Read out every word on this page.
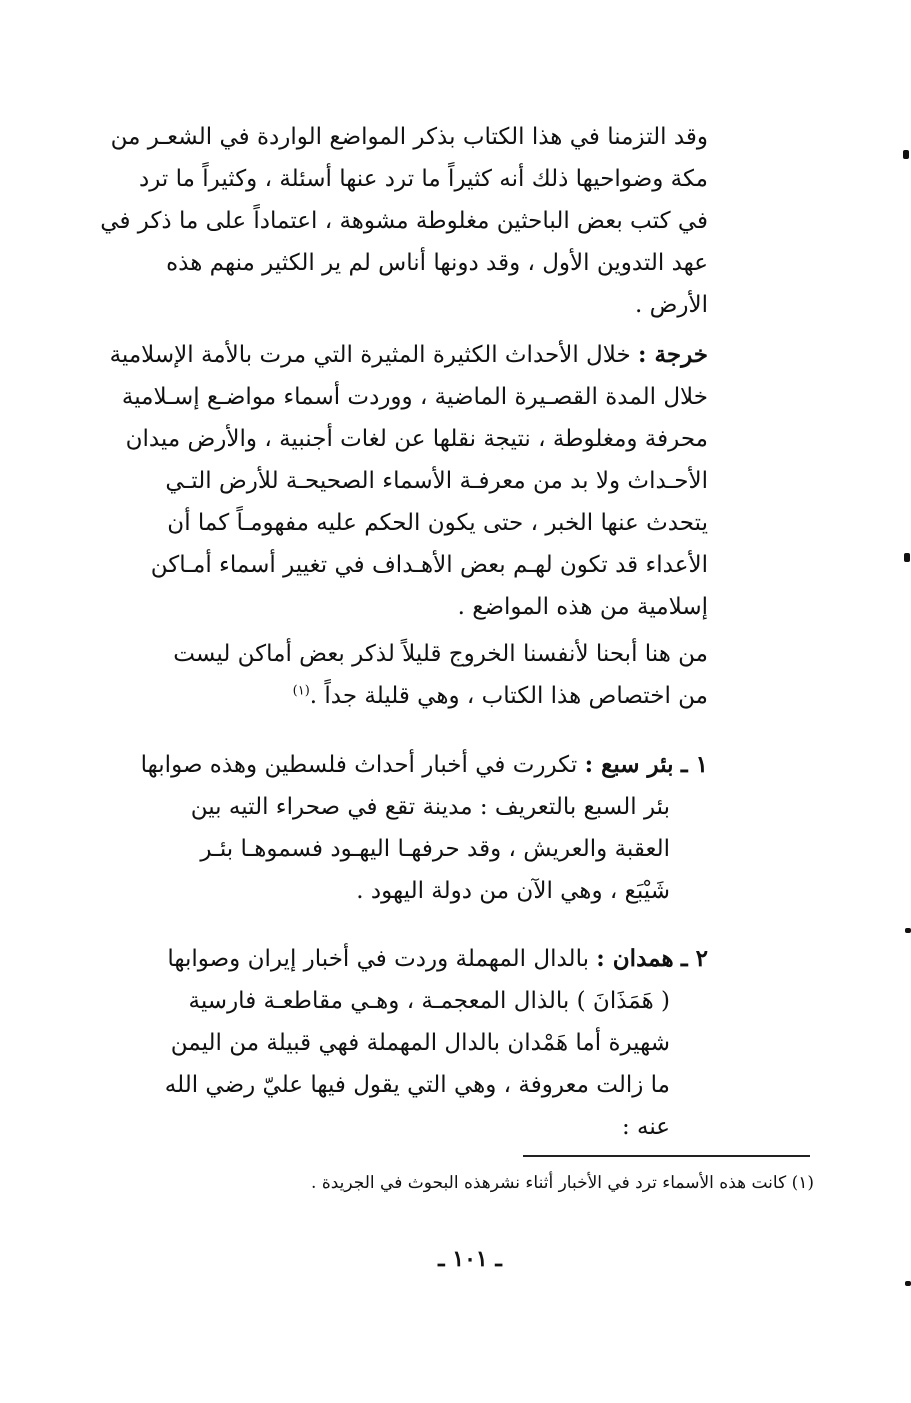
وقد التزمنا في هذا الكتاب بذكر المواضع الواردة في الشعـر من
مكة وضواحيها ذلك أنه كثيراً ما ترد عنها أسئلة ، وكثيراً ما ترد
في كتب بعض الباحثين مغلوطة مشوهة ، اعتماداً على ما ذكر في
عهد التدوين الأول ، وقد دونها أناس لم ير الكثير منهم هذه
الأرض .
خرجة : خلال الأحداث الكثيرة المثيرة التي مرت بالأمة الإسلامية
خلال المدة القصـيرة الماضية ، ووردت أسماء مواضـع إسـلامية
محرفة ومغلوطة ، نتيجة نقلها عن لغات أجنبية ، والأرض ميدان
الأحـداث ولا بد من معرفـة الأسماء الصحيحـة للأرض التـي
يتحدث عنها الخبر ، حتى يكون الحكم عليه مفهومـاً كما أن
الأعداء قد تكون لهـم بعض الأهـداف في تغيير أسماء أمـاكن
إسلامية من هذه المواضع .
من هنا أبحنا لأنفسنا الخروج قليلاً لذكر بعض أماكن ليست
من اختصاص هذا الكتاب ، وهي قليلة جداً .$^{(١)}$
١ ـ بئر سبع : تكررت في أخبار أحداث فلسطين وهذه صوابها
بئر السبع بالتعريف : مدينة تقع في صحراء التيه بين
العقبة والعريش ، وقد حرفهـا اليهـود فسموهـا بئـر
شَيْبَع ، وهي الآن من دولة اليهود .
٢ ـ همدان : بالدال المهملة وردت في أخبار إيران وصوابها
( هَمَذَانَ ) بالذال المعجمـة ، وهـي مقاطعـة فارسية
شهيرة أما هَمْدان بالدال المهملة فهي قبيلة من اليمن
ما زالت معروفة ، وهي التي يقول فيها عليّ رضي الله
عنه :
(١) كانت هذه الأسماء ترد في الأخبار أثناء نشرهذه البحوث في الجريدة .
ـ ١٠١ ـ
